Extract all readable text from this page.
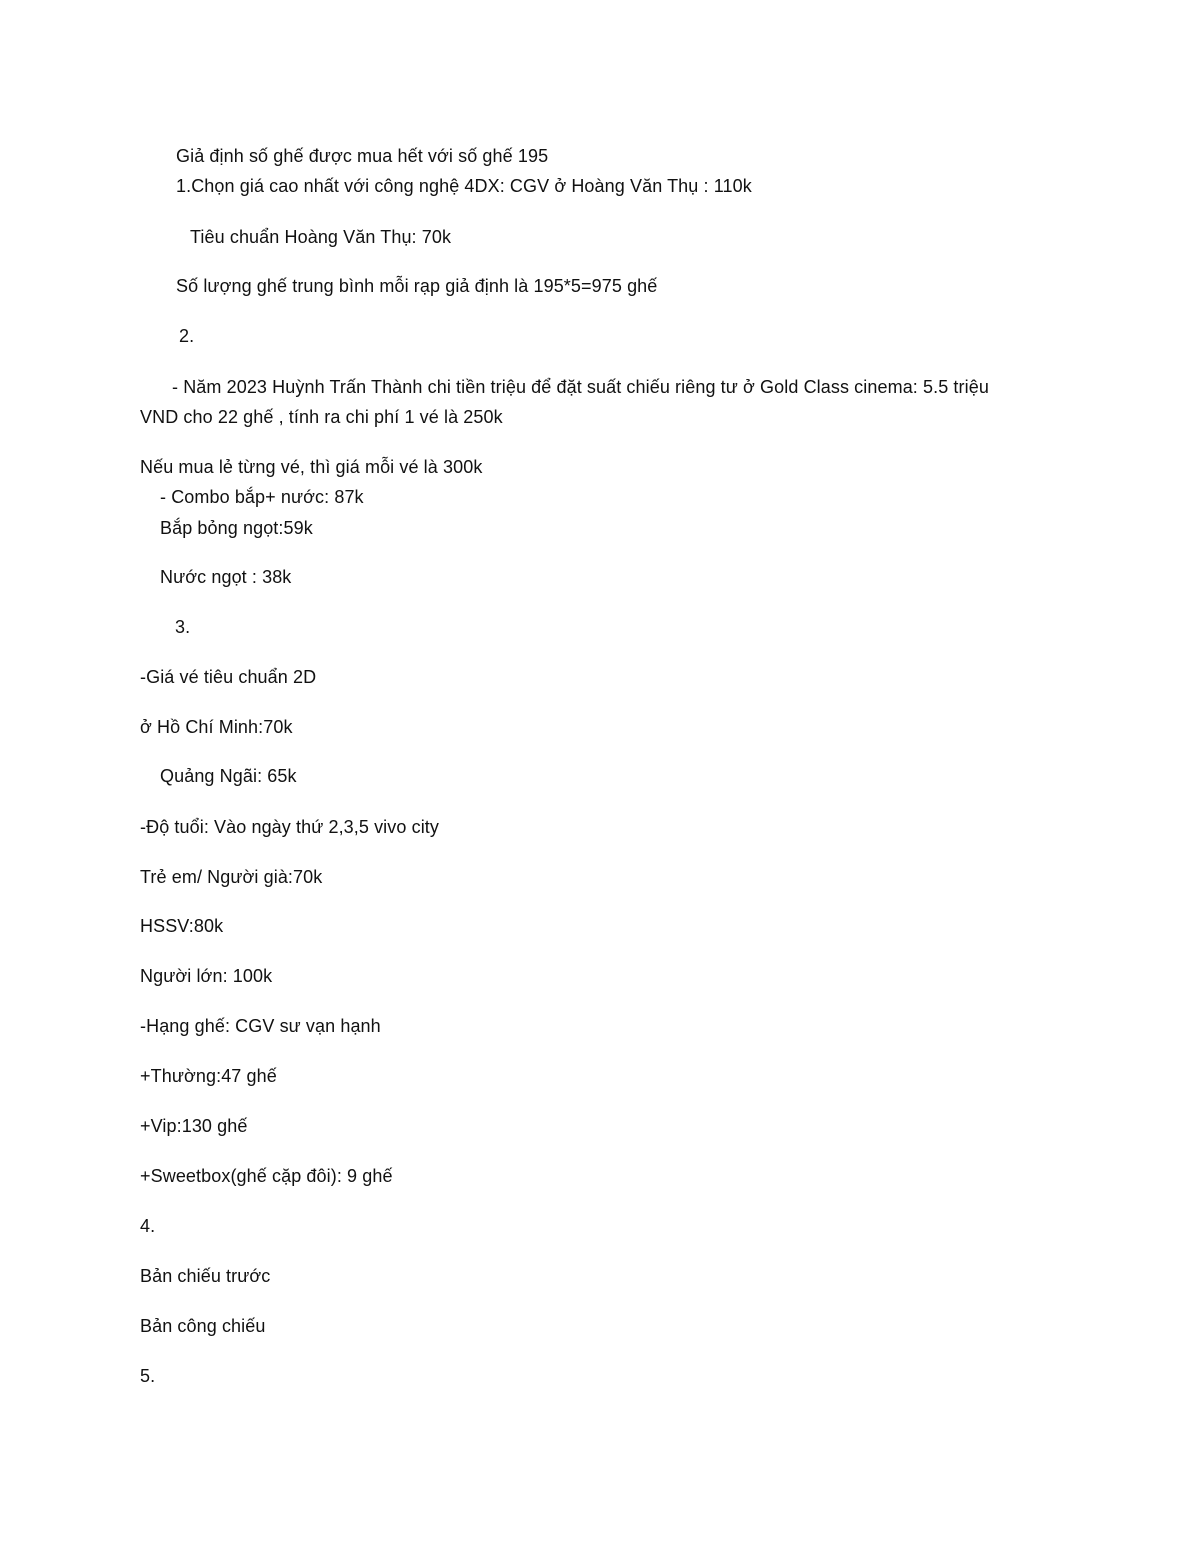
Giả định số ghế được mua hết với số ghế 195
1.Chọn giá cao nhất với công nghệ 4DX: CGV ở Hoàng Văn Thụ : 110k
Tiêu chuẩn Hoàng Văn Thụ: 70k
Số lượng ghế trung bình mỗi rạp giả định là 195*5=975 ghế
2.
- Năm 2023 Huỳnh Trấn Thành chi tiền triệu để đặt suất chiếu riêng tư ở Gold Class cinema: 5.5 triệu
VND cho 22 ghế , tính ra chi phí 1 vé là 250k
Nếu mua lẻ từng vé, thì giá mỗi vé là 300k
- Combo bắp+ nước: 87k
Bắp bỏng ngọt:59k
Nước ngọt : 38k
3.
-Giá vé tiêu chuẩn 2D
ở Hồ Chí Minh:70k
Quảng Ngãi: 65k
-Độ tuổi: Vào ngày thứ 2,3,5 vivo city
Trẻ em/ Người già:70k
HSSV:80k
Người lớn: 100k
-Hạng ghế: CGV sư vạn hạnh
+Thường:47 ghế
+Vip:130 ghế
+Sweetbox(ghế cặp đôi): 9 ghế
4.
Bản chiếu trước
Bản công chiếu
5.
